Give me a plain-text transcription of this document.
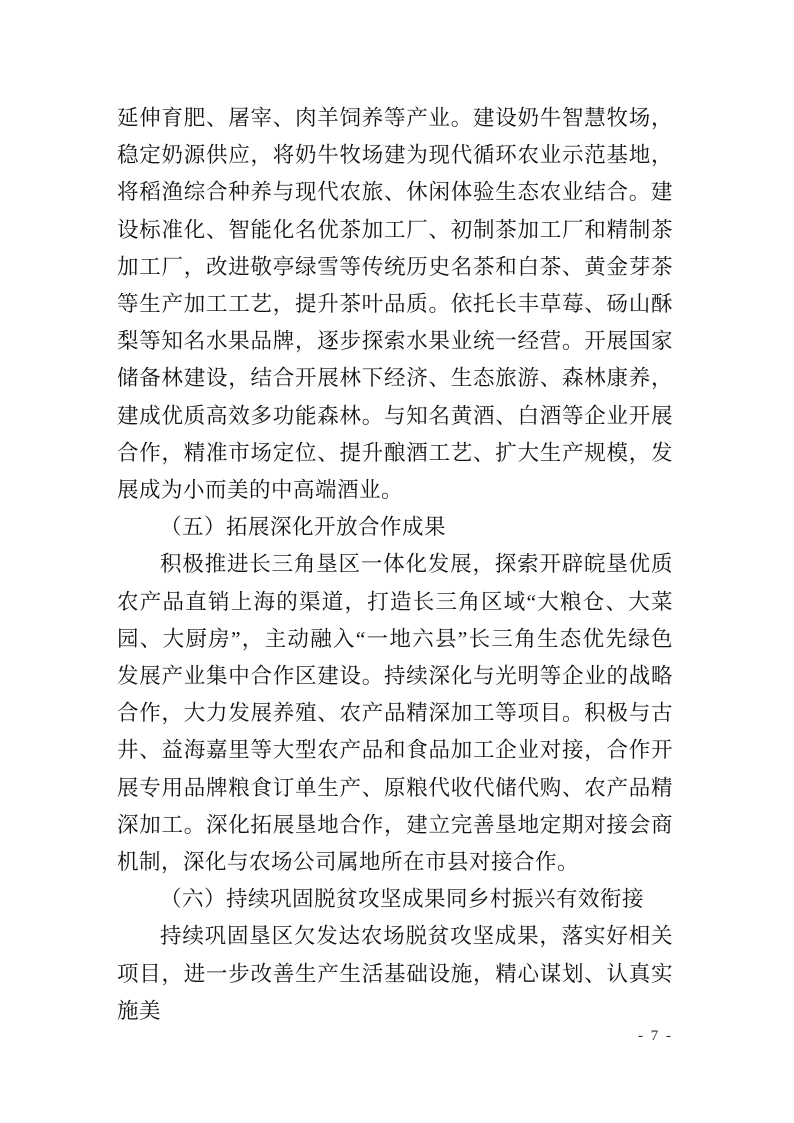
延伸育肥、屠宰、肉羊饲养等产业。建设奶牛智慧牧场，稳定奶源供应，将奶牛牧场建为现代循环农业示范基地，将稻渔综合种养与现代农旅、休闲体验生态农业结合。建设标准化、智能化名优茶加工厂、初制茶加工厂和精制茶加工厂，改进敬亭绿雪等传统历史名茶和白茶、黄金芽茶等生产加工工艺，提升茶叶品质。依托长丰草莓、砀山酥梨等知名水果品牌，逐步探索水果业统一经营。开展国家储备林建设，结合开展林下经济、生态旅游、森林康养，建成优质高效多功能森林。与知名黄酒、白酒等企业开展合作，精准市场定位、提升酿酒工艺、扩大生产规模，发展成为小而美的中高端酒业。

（五）拓展深化开放合作成果

积极推进长三角垦区一体化发展，探索开辟皖垦优质农产品直销上海的渠道，打造长三角区域“大粮仓、大菜园、大厨房”，主动融入“一地六县”长三角生态优先绿色发展产业集中合作区建设。持续深化与光明等企业的战略合作，大力发展养殖、农产品精深加工等项目。积极与古井、益海嘉里等大型农产品和食品加工企业对接，合作开展专用品牌粮食订单生产、原粮代收代储代购、农产品精深加工。深化拓展垦地合作，建立完善垦地定期对接会商机制，深化与农场公司属地所在市县对接合作。

（六）持续巩固脱贫攻坚成果同乡村振兴有效衔接

持续巩固垦区欠发达农场脱贫攻坚成果，落实好相关项目，进一步改善生产生活基础设施，精心谋划、认真实施美

- 7 -
